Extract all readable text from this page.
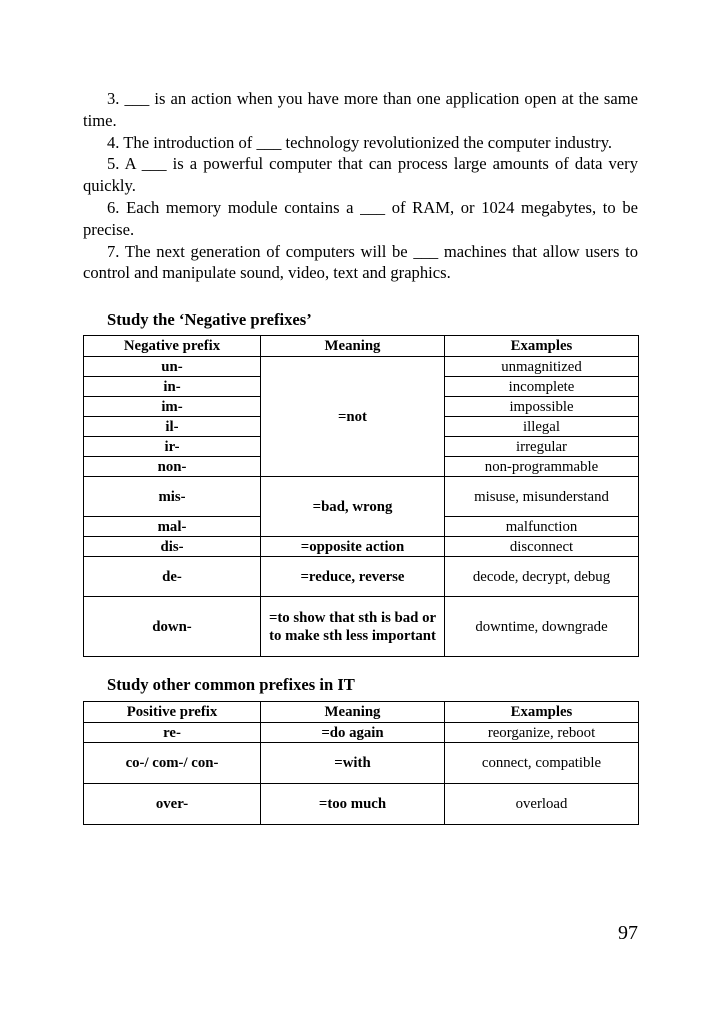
3. ___ is an action when you have more than one application open at the same time.

4. The introduction of ___ technology revolutionized the computer industry.

5. A ___ is a powerful computer that can process large amounts of data very quickly.

6. Each memory module contains a ___ of RAM, or 1024 megabytes, to be precise.

7. The next generation of computers will be ___ machines that allow users to control and manipulate sound, video, text and graphics.

Study the ‘Negative prefixes’

Negative prefix	Meaning	Examples
un-	=not	unmagnitized
in-		incomplete
im-		impossible
il-		illegal
ir-		irregular
non-		non-programmable
mis-	=bad, wrong	misuse, misunderstand
mal-		malfunction
dis-	=opposite action	disconnect
de-	=reduce, reverse	decode, decrypt, debug
down-	=to show that sth is bad or to make sth less important	downtime, downgrade

Study other common prefixes in IT

Positive prefix	Meaning	Examples
re-	=do again	reorganize, reboot
co-/ com-/ con-	=with	connect, compatible
over-	=too much	overload
97
